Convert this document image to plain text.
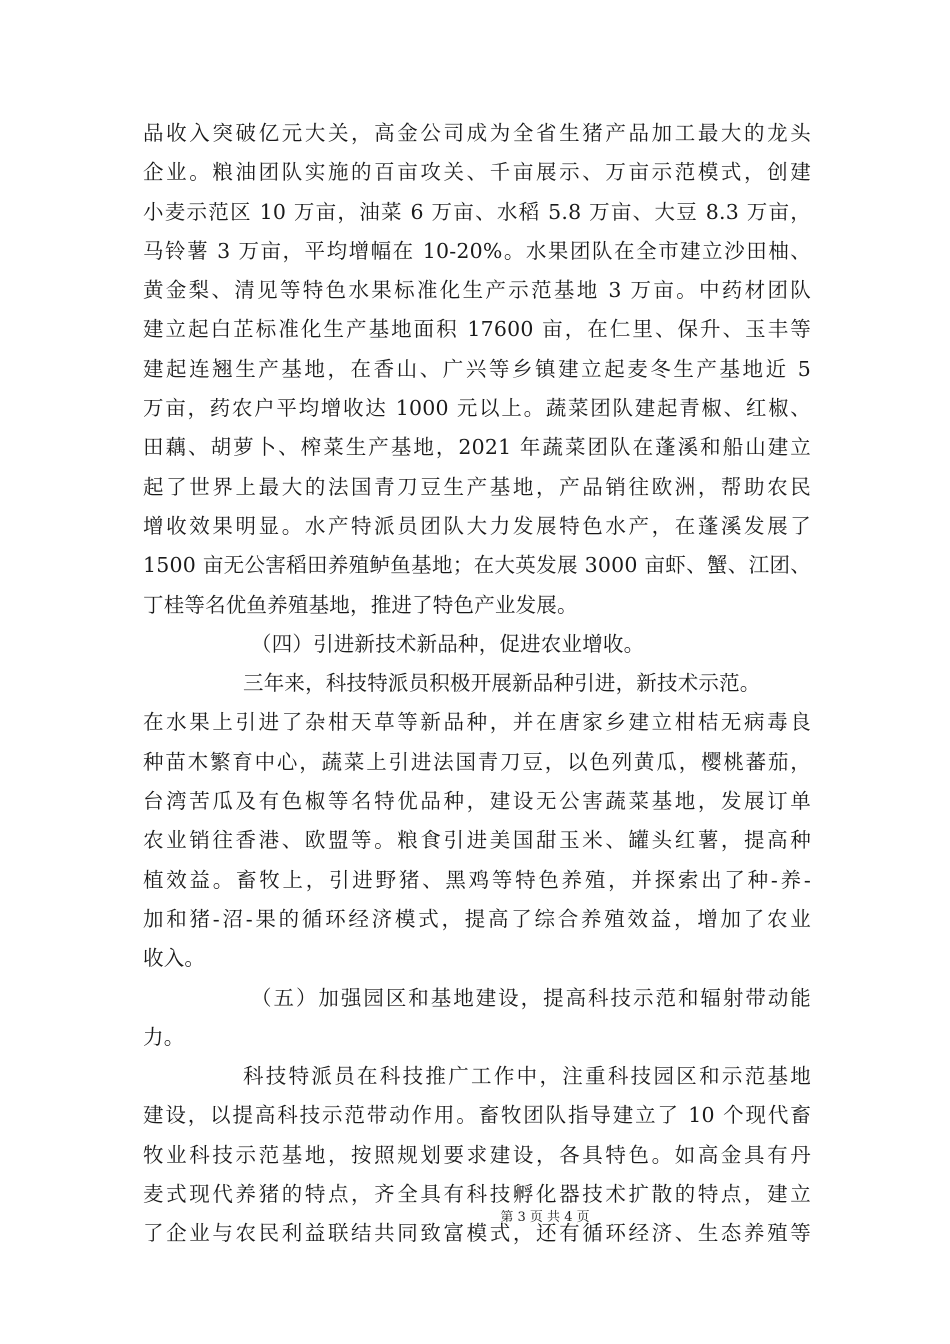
品收入突破亿元大关，高金公司成为全省生猪产品加工最大的龙头
企业。粮油团队实施的百亩攻关、千亩展示、万亩示范模式，创建
小麦示范区 10 万亩，油菜 6 万亩、水稻 5.8 万亩、大豆 8.3 万亩，
马铃薯 3 万亩，平均增幅在 10-20%。水果团队在全市建立沙田柚、
黄金梨、清见等特色水果标准化生产示范基地 3 万亩。中药材团队
建立起白芷标准化生产基地面积 17600 亩，在仁里、保升、玉丰等
建起连翘生产基地，在香山、广兴等乡镇建立起麦冬生产基地近 5
万亩，药农户平均增收达 1000 元以上。蔬菜团队建起青椒、红椒、
田藕、胡萝卜、榨菜生产基地，2021 年蔬菜团队在蓬溪和船山建立
起了世界上最大的法国青刀豆生产基地，产品销往欧洲，帮助农民
增收效果明显。水产特派员团队大力发展特色水产，在蓬溪发展了
1500 亩无公害稻田养殖鲈鱼基地；在大英发展 3000 亩虾、蟹、江团、
丁桂等名优鱼养殖基地，推进了特色产业发展。
（四）引进新技术新品种，促进农业增收。
三年来，科技特派员积极开展新品种引进，新技术示范。
在水果上引进了杂柑天草等新品种，并在唐家乡建立柑桔无病毒良
种苗木繁育中心，蔬菜上引进法国青刀豆，以色列黄瓜，樱桃蕃茄，
台湾苦瓜及有色椒等名特优品种，建设无公害蔬菜基地，发展订单
农业销往香港、欧盟等。粮食引进美国甜玉米、罐头红薯，提高种
植效益。畜牧上，引进野猪、黑鸡等特色养殖，并探索出了种-养-
加和猪-沼-果的循环经济模式，提高了综合养殖效益，增加了农业
收入。
（五）加强园区和基地建设，提高科技示范和辐射带动能
力。
科技特派员在科技推广工作中，注重科技园区和示范基地
建设，以提高科技示范带动作用。畜牧团队指导建立了 10 个现代畜
牧业科技示范基地，按照规划要求建设，各具特色。如高金具有丹
麦式现代养猪的特点，齐全具有科技孵化器技术扩散的特点，建立
了企业与农民利益联结共同致富模式，还有循环经济、生态养殖等
第 3 页 共 4 页
